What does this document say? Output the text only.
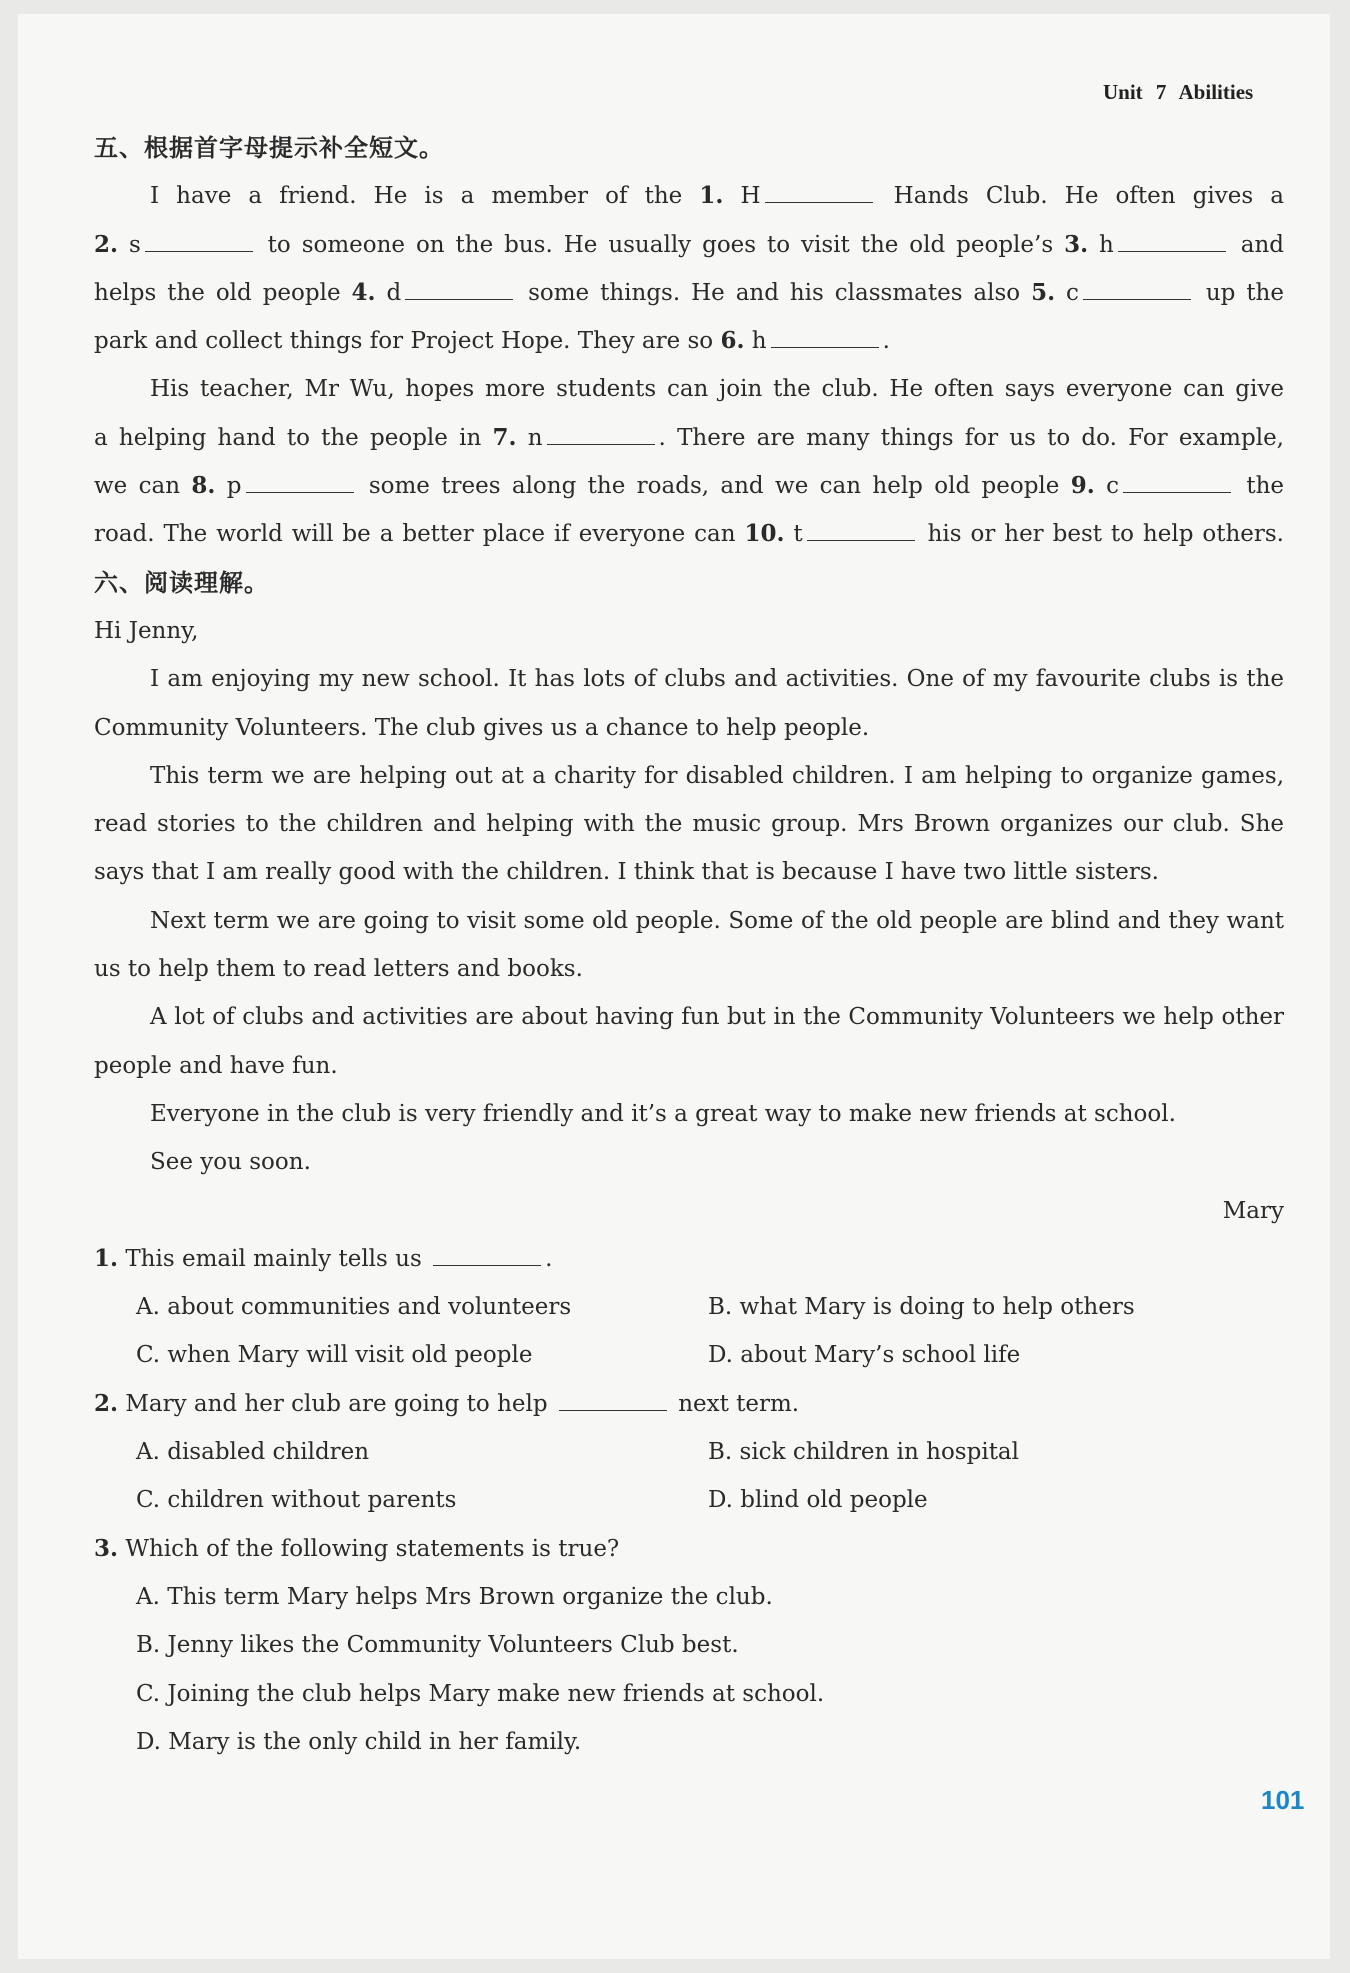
Unit 7 Abilities
五、根据首字母提示补全短文。
I have a friend. He is a member of the 1. H	Hands Club. He often gives a
2. s	to someone on the bus. He usually goes to visit the old people’s 3. h	and
helps the old people 4. d	some things. He and his classmates also 5. c	up the
park and collect things for Project Hope. They are so 6. h	.
His teacher, Mr Wu, hopes more students can join the club. He often says everyone can give
a helping hand to the people in 7. n	. There are many things for us to do. For example,
we can 8. p	some trees along the roads, and we can help old people 9. c	the
road. The world will be a better place if everyone can 10. t	his or her best to help others.
六、阅读理解。
Hi Jenny,
I am enjoying my new school. It has lots of clubs and activities. One of my favourite clubs is the Community Volunteers. The club gives us a chance to help people.
This term we are helping out at a charity for disabled children. I am helping to organize games, read stories to the children and helping with the music group. Mrs Brown organizes our club. She says that I am really good with the children. I think that is because I have two little sisters.
Next term we are going to visit some old people. Some of the old people are blind and they want us to help them to read letters and books.
A lot of clubs and activities are about having fun but in the Community Volunteers we help other people and have fun.
Everyone in the club is very friendly and it’s a great way to make new friends at school.
See you soon.
Mary
1. This email mainly tells us	.
A. about communities and volunteers	B. what Mary is doing to help others
C. when Mary will visit old people	D. about Mary’s school life
2. Mary and her club are going to help	next term.
A. disabled children	B. sick children in hospital
C. children without parents	D. blind old people
3. Which of the following statements is true?
A. This term Mary helps Mrs Brown organize the club.
B. Jenny likes the Community Volunteers Club best.
C. Joining the club helps Mary make new friends at school.
D. Mary is the only child in her family.
101
